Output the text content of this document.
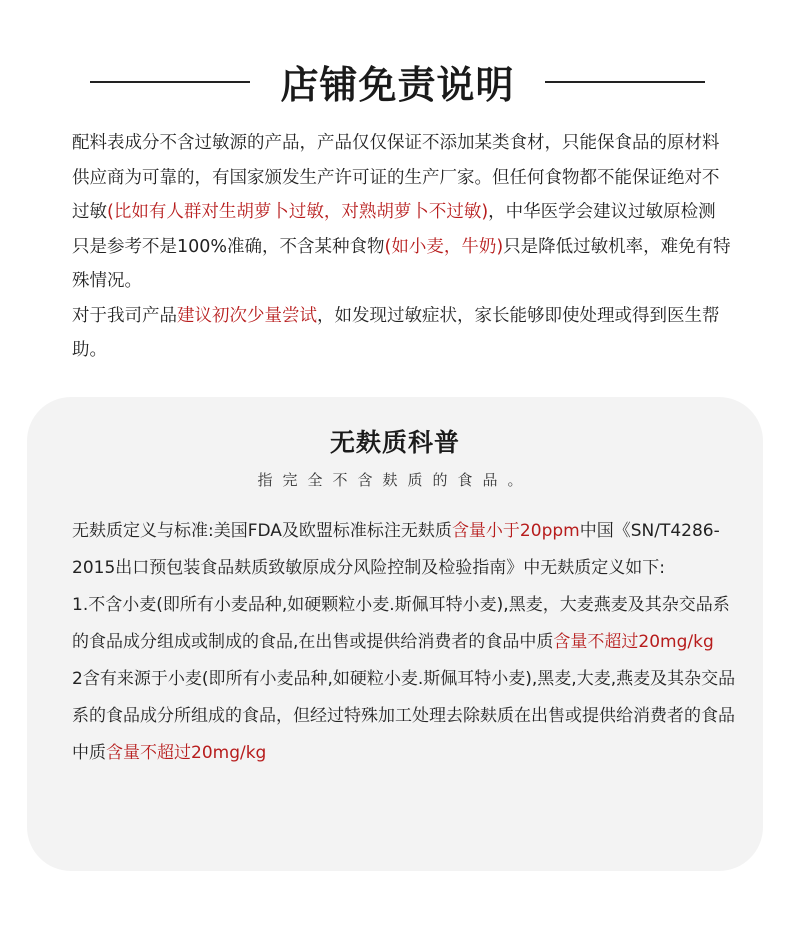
店铺免责说明

配料表成分不含过敏源的产品，产品仅仅保证不添加某类食材，只能保食品的原材料供应商为可靠的，有国家颁发生产许可证的生产厂家。但任何食物都不能保证绝对不过敏(比如有人群对生胡萝卜过敏，对熟胡萝卜不过敏)，中华医学会建议过敏原检测只是参考不是100%准确，不含某种食物(如小麦，牛奶)只是降低过敏机率，难免有特殊情况。

对于我司产品建议初次少量尝试，如发现过敏症状，家长能够即使处理或得到医生帮助。

无麸质科普
指完全不含麸质的食品。

无麸质定义与标准:美国FDA及欧盟标准标注无麸质含量小于20ppm中国《SN/T4286-2015出口预包装食品麸质致敏原成分风险控制及检验指南》中无麸质定义如下:

1.不含小麦(即所有小麦品种,如硬颗粒小麦.斯佩耳特小麦),黑麦，大麦燕麦及其杂交品系的食品成分组成或制成的食品,在出售或提供给消费者的食品中质含量不超过20mg/kg

2含有来源于小麦(即所有小麦品种,如硬粒小麦.斯佩耳特小麦),黑麦,大麦,燕麦及其杂交品系的食品成分所组成的食品，但经过特殊加工处理去除麸质在出售或提供给消费者的食品中质含量不超过20mg/kg
